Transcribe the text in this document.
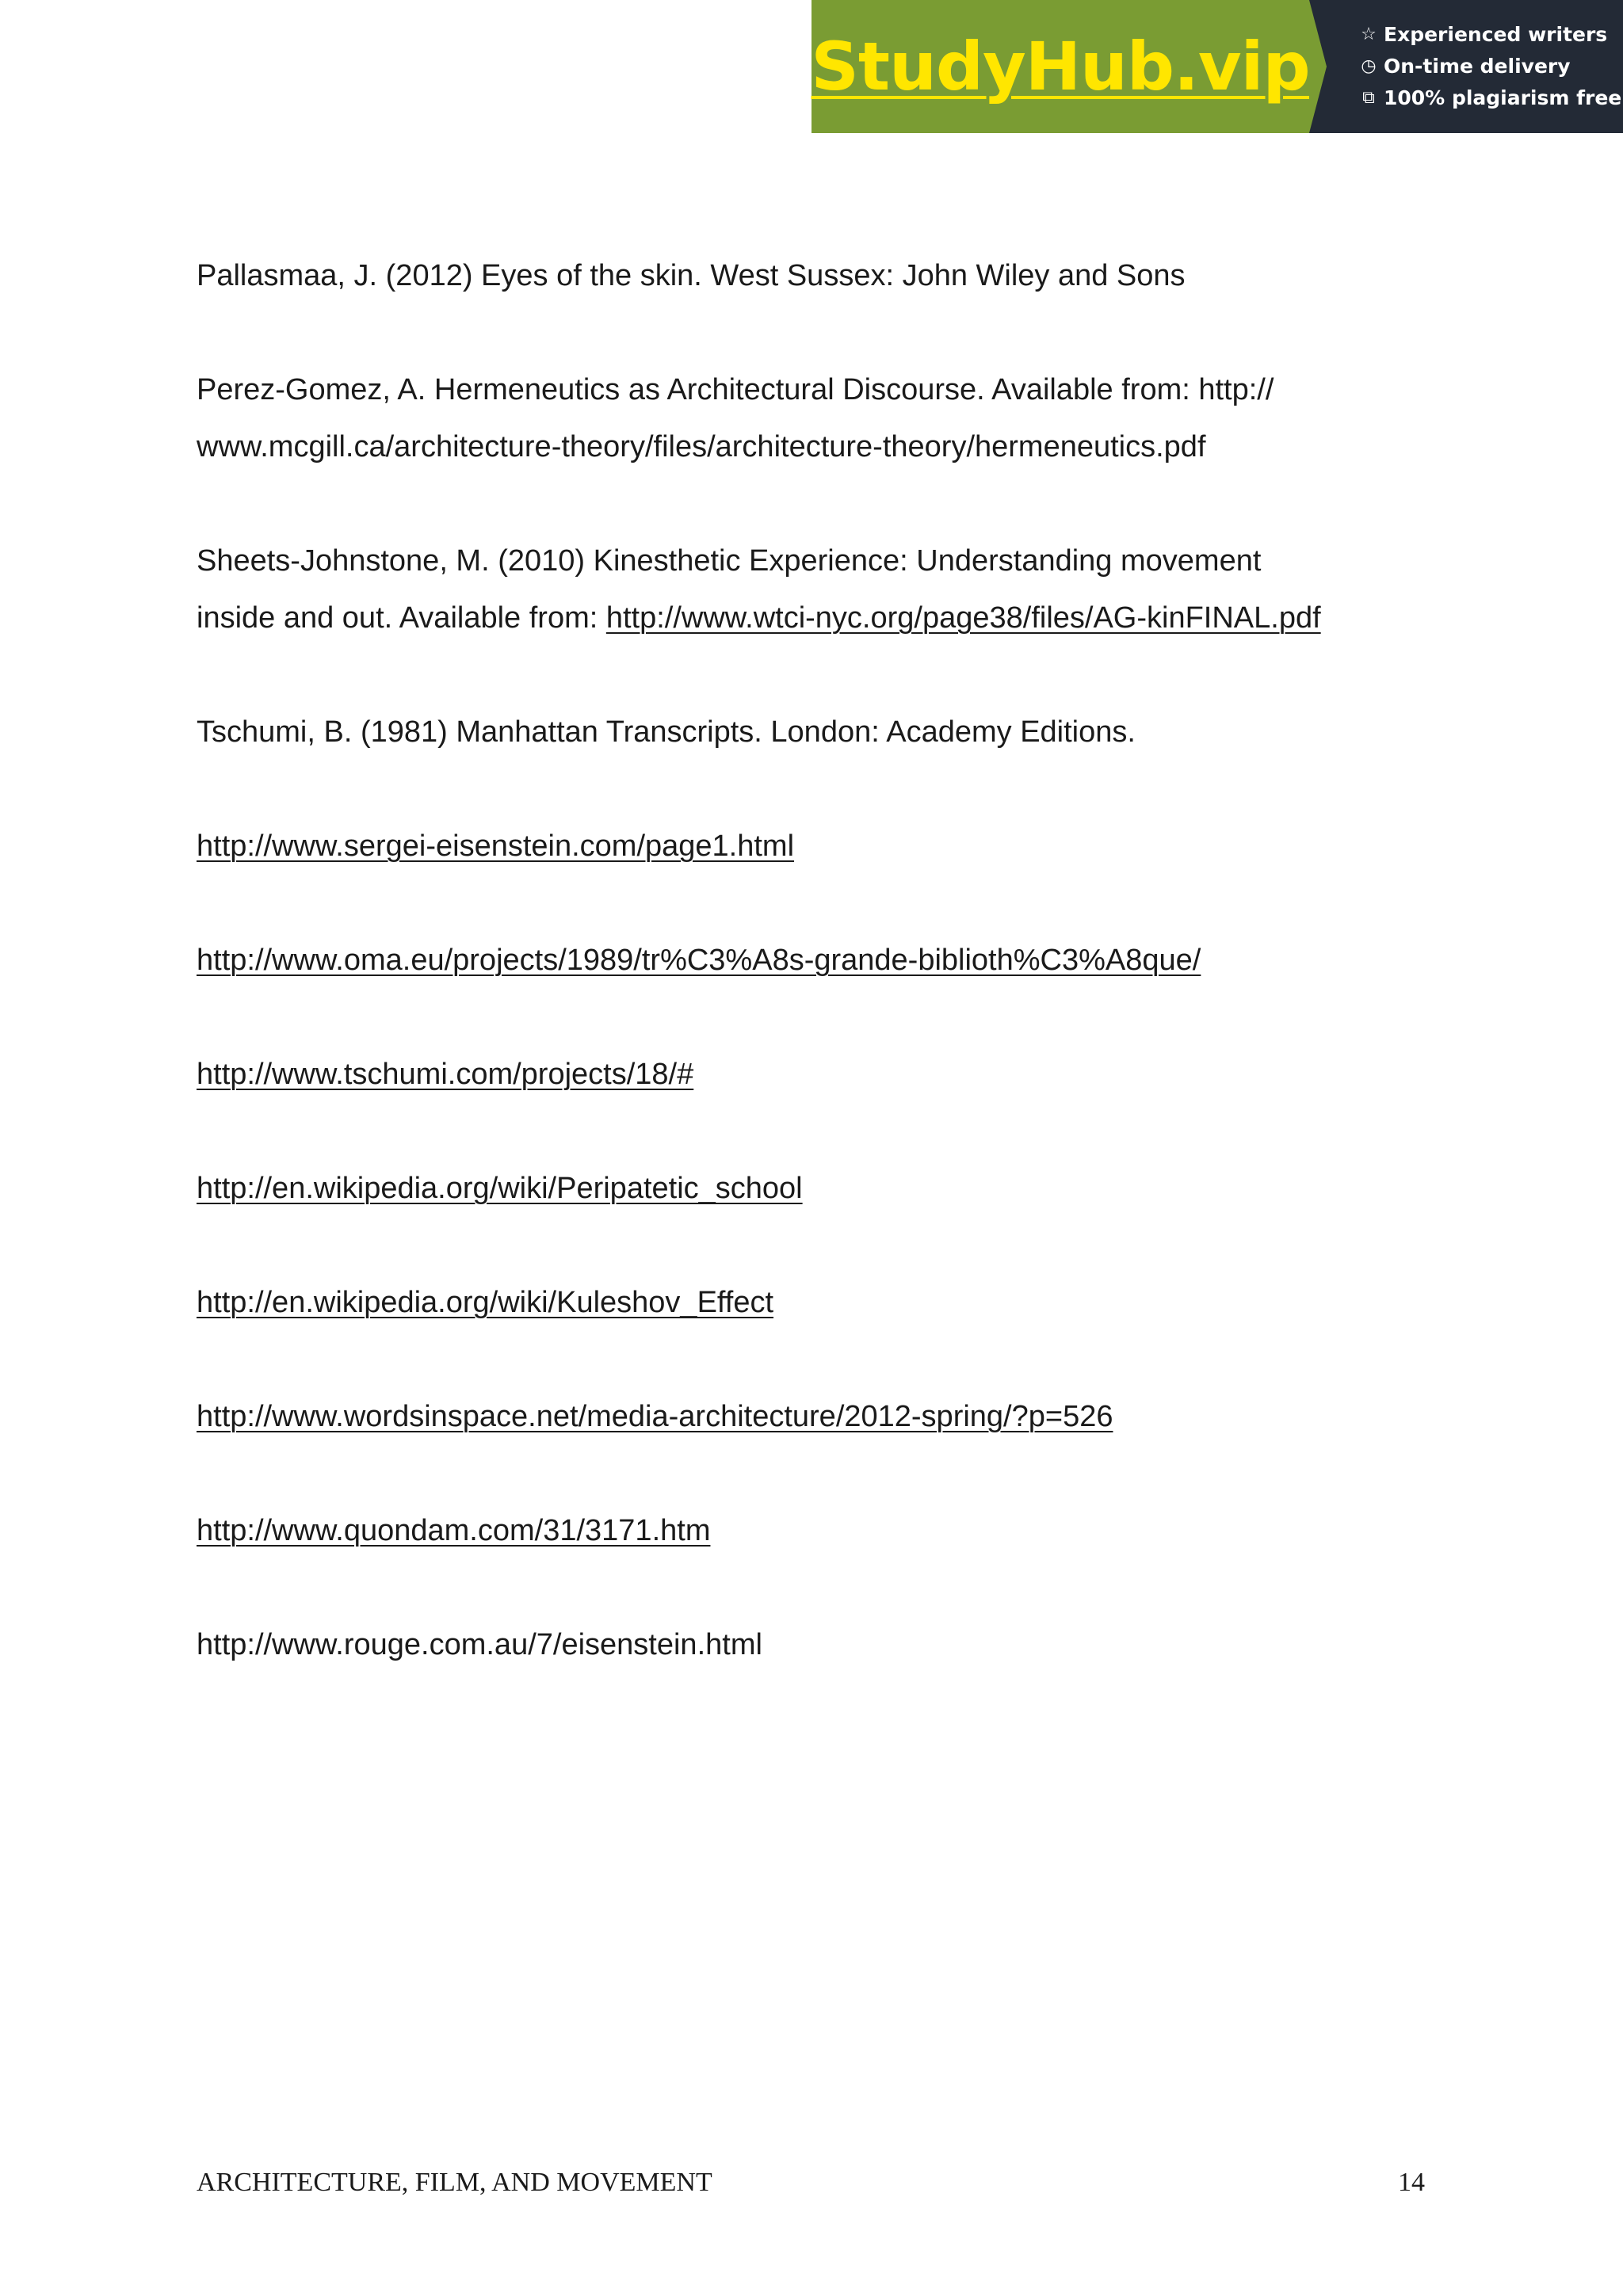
StudyHub.vip	☆ Experienced writers
◷ On-time delivery
⧉ 100% plagiarism free

Pallasmaa, J. (2012) Eyes of the skin. West Sussex: John Wiley and Sons

Perez-Gomez, A. Hermeneutics as Architectural Discourse. Available from: http://
www.mcgill.ca/architecture-theory/files/architecture-theory/hermeneutics.pdf

Sheets-Johnstone, M. (2010) Kinesthetic Experience: Understanding movement
inside and out. Available from: http://www.wtci-nyc.org/page38/files/AG-kinFINAL.pdf

Tschumi, B. (1981) Manhattan Transcripts. London: Academy Editions.

http://www.sergei-eisenstein.com/page1.html

http://www.oma.eu/projects/1989/tr%C3%A8s-grande-biblioth%C3%A8que/

http://www.tschumi.com/projects/18/#

http://en.wikipedia.org/wiki/Peripatetic_school

http://en.wikipedia.org/wiki/Kuleshov_Effect

http://www.wordsinspace.net/media-architecture/2012-spring/?p=526

http://www.quondam.com/31/3171.htm

http://www.rouge.com.au/7/eisenstein.html

ARCHITECTURE, FILM, AND MOVEMENT	14
